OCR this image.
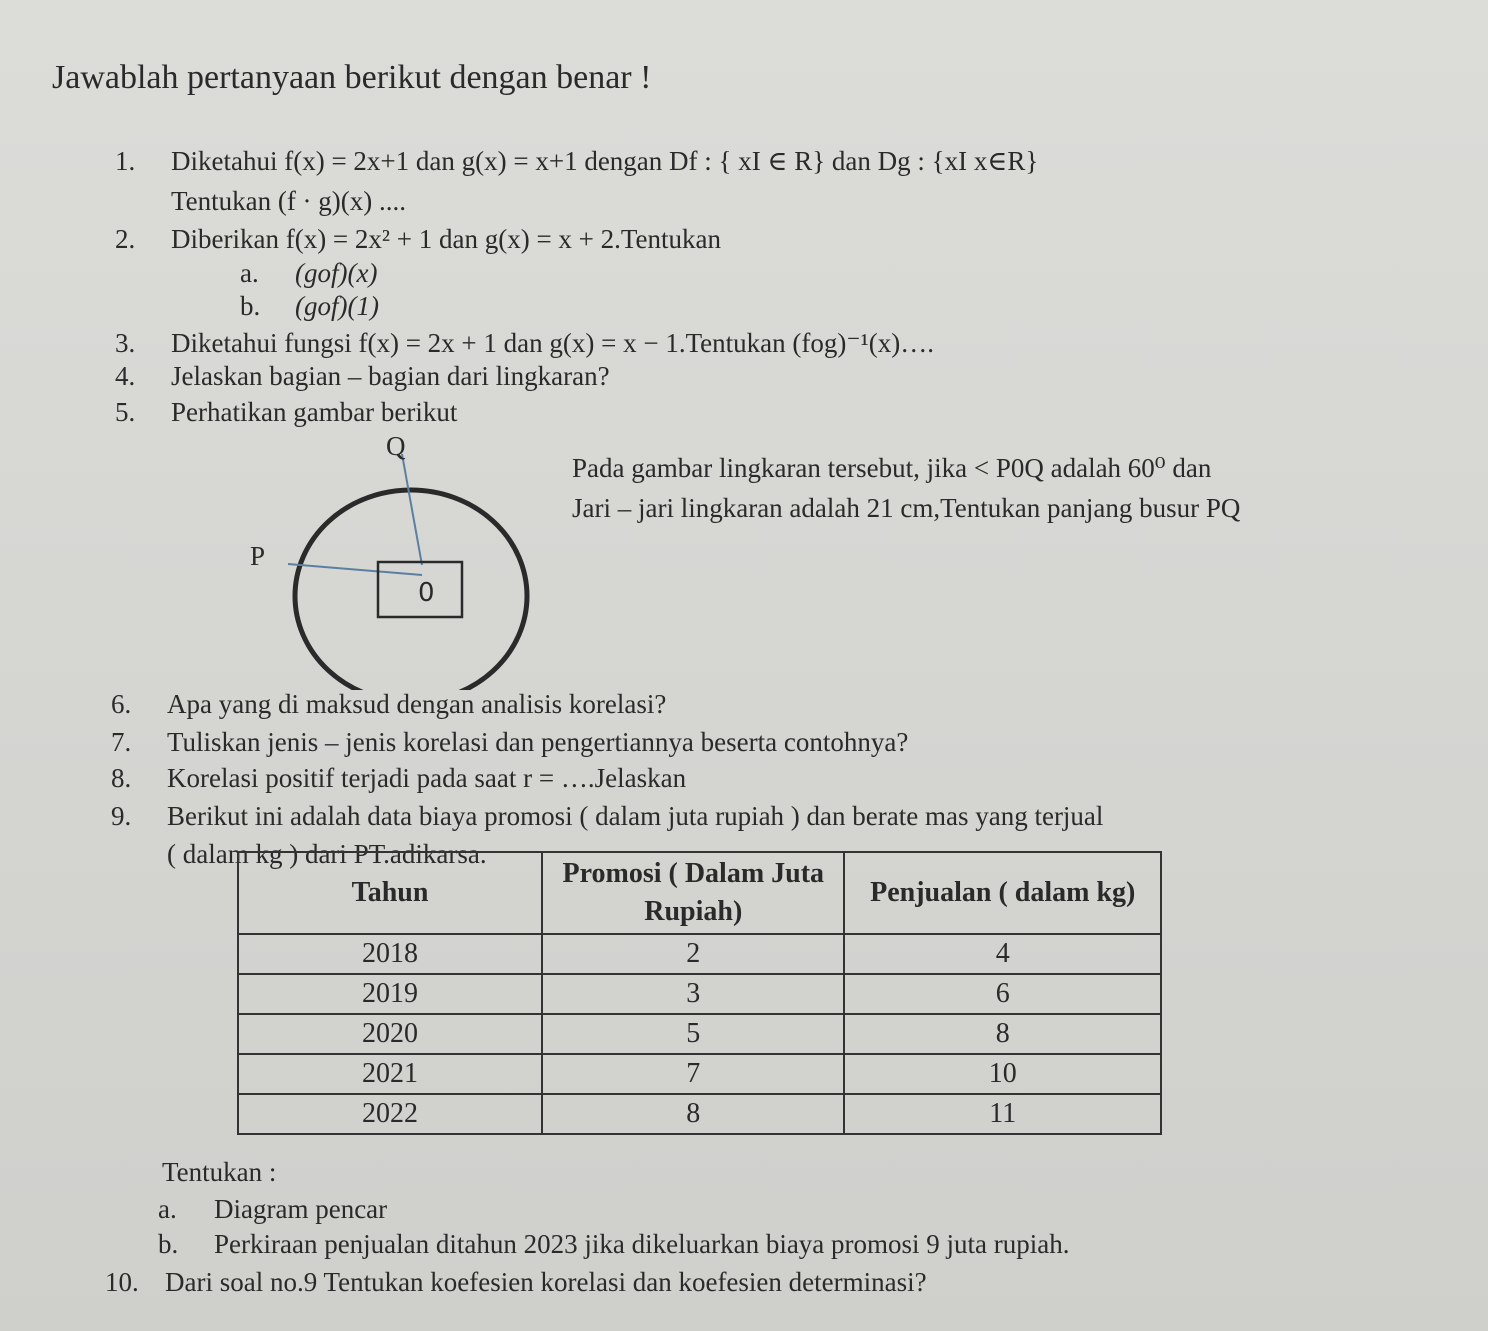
Jawablah pertanyaan berikut dengan benar !
1. Diketahui f(x) = 2x+1 dan g(x) = x+1 dengan Df : { xI ∈ R} dan Dg : {xI x∈R}
Tentukan (f · g)(x) ....
2. Diberikan f(x) = 2x² + 1 dan g(x) = x + 2.Tentukan
a. (gof)(x)
b. (gof)(1)
3. Diketahui fungsi f(x) = 2x + 1 dan g(x) = x − 1.Tentukan (fog)⁻¹(x)….
4. Jelaskan bagian – bagian dari lingkaran?
5. Perhatikan gambar berikut
Q
P
0
Pada gambar lingkaran tersebut, jika < P0Q adalah 60⁰ dan
Jari – jari lingkaran adalah 21 cm,Tentukan panjang busur PQ
6. Apa yang di maksud dengan analisis korelasi?
7. Tuliskan jenis – jenis korelasi dan pengertiannya beserta contohnya?
8. Korelasi positif terjadi pada saat r = ….Jelaskan
9. Berikut ini adalah data biaya promosi ( dalam juta rupiah ) dan berate mas yang terjual
( dalam kg ) dari PT.adikarsa.
Tahun	Promosi ( Dalam Juta Rupiah)	Penjualan ( dalam kg)
2018	2	4
2019	3	6
2020	5	8
2021	7	10
2022	8	11
Tentukan :
a. Diagram pencar
b. Perkiraan penjualan ditahun 2023 jika dikeluarkan biaya promosi 9 juta rupiah.
10. Dari soal no.9 Tentukan koefesien korelasi dan koefesien determinasi?
